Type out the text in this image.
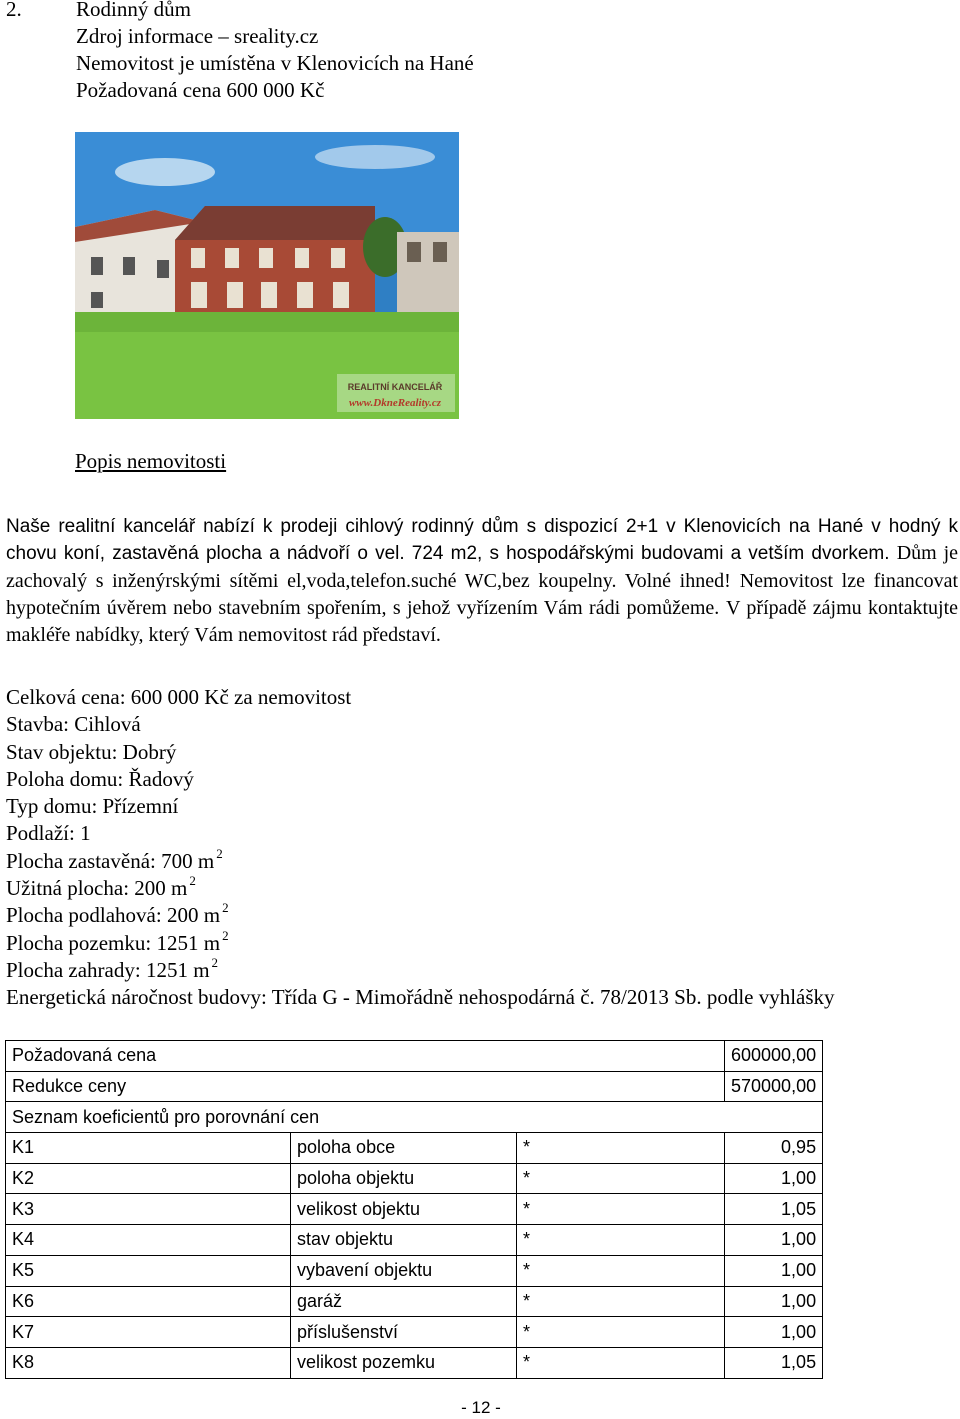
2.	Rodinný dům
Zdroj informace – sreality.cz
Nemovitost je umístěna v Klenovicích na Hané
Požadovaná cena 600 000 Kč
REALITNÍ KANCELÁŘ
www.DkneReality.cz
Popis nemovitosti
Naše realitní kancelář nabízí k prodeji cihlový rodinný dům s dispozicí 2+1 v Klenovicích na Hané v hodný k chovu koní, zastavěná plocha a nádvoří o vel. 724 m2, s hospodářskými budovami a vetším dvorkem. Dům je zachovalý s inženýrskými sítěmi el,voda,telefon.suché WC,bez koupelny. Volné ihned! Nemovitost lze financovat hypotečním úvěrem nebo stavebním spořením, s jehož vyřízením Vám rádi pomůžeme. V případě zájmu kontaktujte makléře nabídky, který Vám nemovitost rád představí.
Celková cena: 600 000 Kč za nemovitost
Stavba: Cihlová
Stav objektu: Dobrý
Poloha domu: Řadový
Typ domu: Přízemní
Podlaží: 1
Plocha zastavěná: 700 m $^2$
Užitná plocha: 200 m $^2$
Plocha podlahová: 200 m $^2$
Plocha pozemku: 1251 m $^2$
Plocha zahrady: 1251 m $^2$
Energetická náročnost budovy: Třída G - Mimořádně nehospodárná č. 78/2013 Sb. podle vyhlášky
Požadovaná cena			600000,00
Redukce ceny			570000,00
Seznam koeficientů pro porovnání cen			
K1	poloha obce	*	0,95
K2	poloha objektu	*	1,00
K3	velikost objektu	*	1,05
K4	stav objektu	*	1,00
K5	vybavení objektu	*	1,00
K6	garáž	*	1,00
K7	příslušenství	*	1,00
K8	velikost pozemku	*	1,05
- 12 -
